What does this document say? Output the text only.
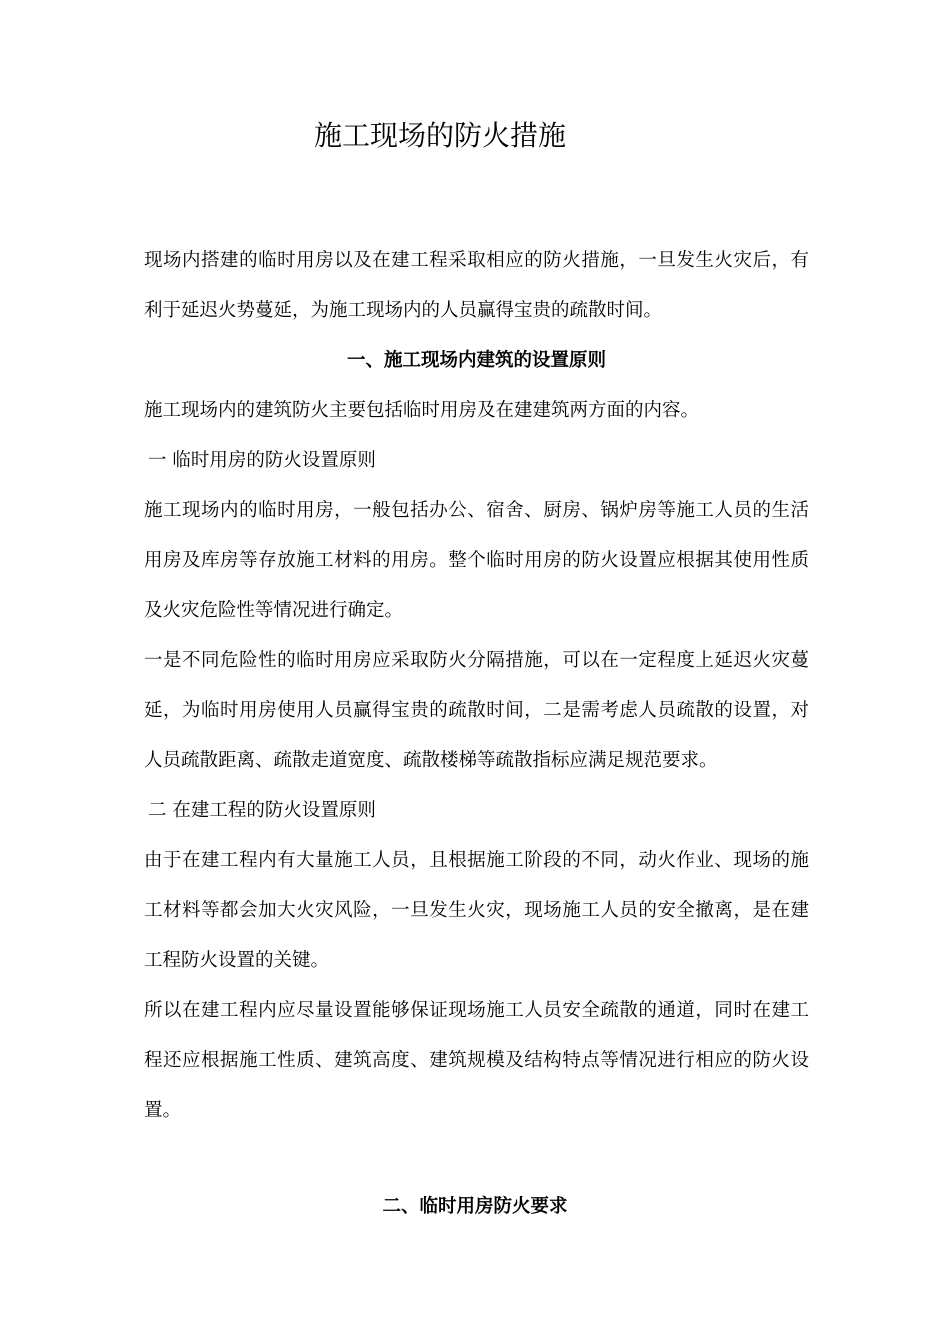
施工现场的防火措施
现场内搭建的临时用房以及在建工程采取相应的防火措施，一旦发生火灾后，有
利于延迟火势蔓延，为施工现场内的人员赢得宝贵的疏散时间。
一、施工现场内建筑的设置原则
施工现场内的建筑防火主要包括临时用房及在建建筑两方面的内容。
一 临时用房的防火设置原则
施工现场内的临时用房，一般包括办公、宿舍、厨房、锅炉房等施工人员的生活
用房及库房等存放施工材料的用房。整个临时用房的防火设置应根据其使用性质
及火灾危险性等情况进行确定。
一是不同危险性的临时用房应采取防火分隔措施，可以在一定程度上延迟火灾蔓
延，为临时用房使用人员赢得宝贵的疏散时间，二是需考虑人员疏散的设置，对
人员疏散距离、疏散走道宽度、疏散楼梯等疏散指标应满足规范要求。
二 在建工程的防火设置原则
由于在建工程内有大量施工人员，且根据施工阶段的不同，动火作业、现场的施
工材料等都会加大火灾风险，一旦发生火灾，现场施工人员的安全撤离，是在建
工程防火设置的关键。
所以在建工程内应尽量设置能够保证现场施工人员安全疏散的通道，同时在建工
程还应根据施工性质、建筑高度、建筑规模及结构特点等情况进行相应的防火设
置。
二、临时用房防火要求
